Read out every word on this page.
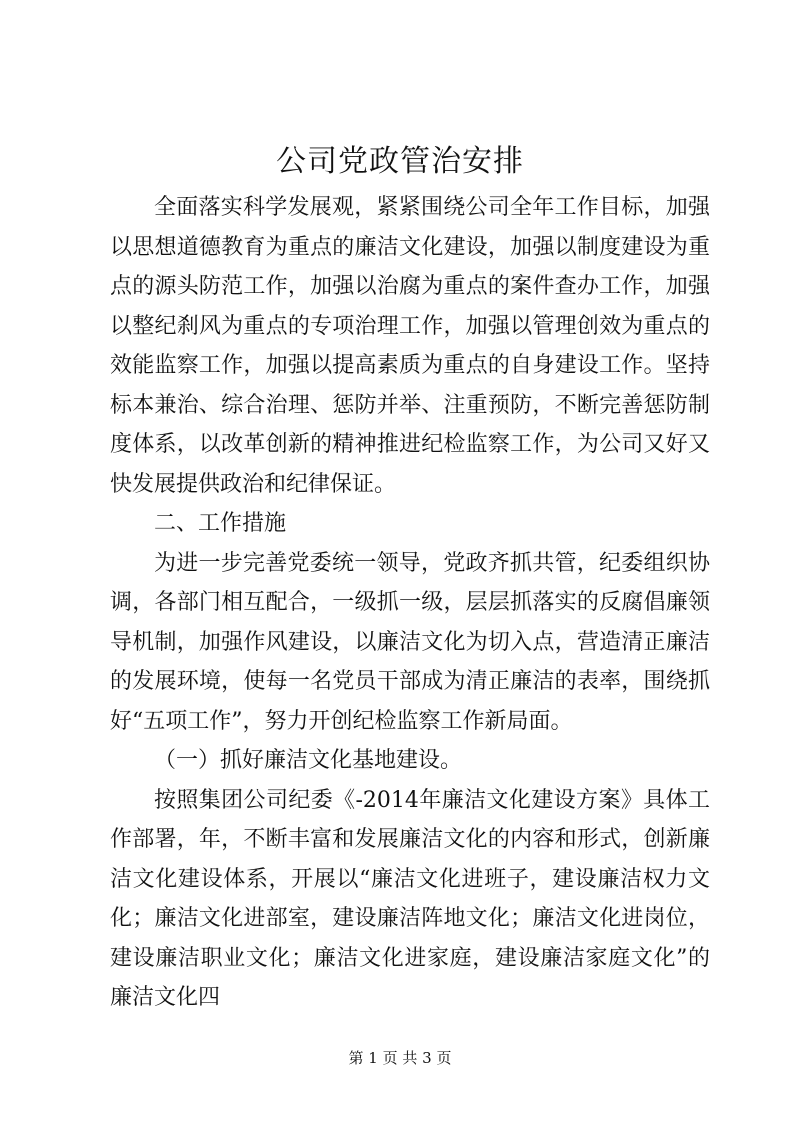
公司党政管治安排

全面落实科学发展观，紧紧围绕公司全年工作目标，加强以思想道德教育为重点的廉洁文化建设，加强以制度建设为重点的源头防范工作，加强以治腐为重点的案件查办工作，加强以整纪刹风为重点的专项治理工作，加强以管理创效为重点的效能监察工作，加强以提高素质为重点的自身建设工作。坚持标本兼治、综合治理、惩防并举、注重预防，不断完善惩防制度体系，以改革创新的精神推进纪检监察工作，为公司又好又快发展提供政治和纪律保证。

二、工作措施

为进一步完善党委统一领导，党政齐抓共管，纪委组织协调，各部门相互配合，一级抓一级，层层抓落实的反腐倡廉领导机制，加强作风建设，以廉洁文化为切入点，营造清正廉洁的发展环境，使每一名党员干部成为清正廉洁的表率，围绕抓好“五项工作”，努力开创纪检监察工作新局面。

（一）抓好廉洁文化基地建设。

按照集团公司纪委《-2014年廉洁文化建设方案》具体工作部署，年，不断丰富和发展廉洁文化的内容和形式，创新廉洁文化建设体系，开展以“廉洁文化进班子，建设廉洁权力文化；廉洁文化进部室，建设廉洁阵地文化；廉洁文化进岗位，建设廉洁职业文化；廉洁文化进家庭，建设廉洁家庭文化”的廉洁文化四

第 1 页 共 3 页
